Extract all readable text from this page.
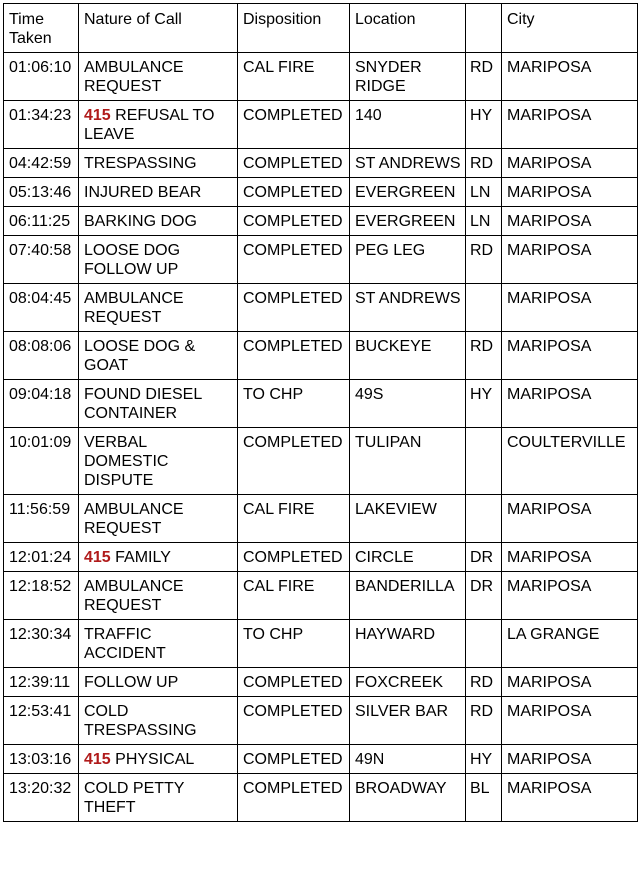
Time Taken	Nature of Call	Disposition	Location		City
01:06:10	AMBULANCE REQUEST	CAL FIRE	SNYDER RIDGE	RD	MARIPOSA
01:34:23	415 REFUSAL TO LEAVE	COMPLETED	140	HY	MARIPOSA
04:42:59	TRESPASSING	COMPLETED	ST ANDREWS	RD	MARIPOSA
05:13:46	INJURED BEAR	COMPLETED	EVERGREEN	LN	MARIPOSA
06:11:25	BARKING DOG	COMPLETED	EVERGREEN	LN	MARIPOSA
07:40:58	LOOSE DOG FOLLOW UP	COMPLETED	PEG LEG	RD	MARIPOSA
08:04:45	AMBULANCE REQUEST	COMPLETED	ST ANDREWS		MARIPOSA
08:08:06	LOOSE DOG & GOAT	COMPLETED	BUCKEYE	RD	MARIPOSA
09:04:18	FOUND DIESEL CONTAINER	TO CHP	49S	HY	MARIPOSA
10:01:09	VERBAL DOMESTIC DISPUTE	COMPLETED	TULIPAN		COULTERVILLE
11:56:59	AMBULANCE REQUEST	CAL FIRE	LAKEVIEW		MARIPOSA
12:01:24	415 FAMILY	COMPLETED	CIRCLE	DR	MARIPOSA
12:18:52	AMBULANCE REQUEST	CAL FIRE	BANDERILLA	DR	MARIPOSA
12:30:34	TRAFFIC ACCIDENT	TO CHP	HAYWARD		LA GRANGE
12:39:11	FOLLOW UP	COMPLETED	FOXCREEK	RD	MARIPOSA
12:53:41	COLD TRESPASSING	COMPLETED	SILVER BAR	RD	MARIPOSA
13:03:16	415 PHYSICAL	COMPLETED	49N	HY	MARIPOSA
13:20:32	COLD PETTY THEFT	COMPLETED	BROADWAY	BL	MARIPOSA
